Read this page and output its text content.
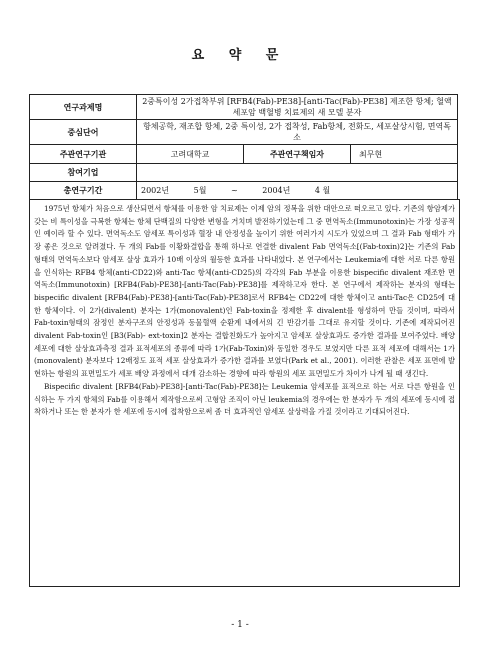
요 약 문
연구과제명	2중특이성 2가접착부위 [RFB4(Fab)-PE38]-[anti-Tac(Fab)-PE38] 제조한 항체; 혈액세포암 백혈병 치료제의 새 모델 분자		
중심단어	항체공학, 재조합 항체, 2중 특이성, 2가 접착성, Fab항체, 전화도, 세포살상시험, 면역독소		
주관연구기관	고려대학교	주관연구책임자	최무현
참여기업			
총연구기간	2002년 5월 ~ 2004년 4 월		

1975년 항체가 처음으로 생산되면서 항체를 이용한 암 치료제는 이제 암의 정복을 위한 대안으로 떠오르고 있다. 기존의 항암제가 갖는 비 특이성을 극복한 항체는 항체 단백질의 다양한 변형을 거치며 발전하기었는데 그 중 면역독소(Immunotoxin)는 가장 성공적인 예이라 할 수 있다. 면역독소도 암세포 특이성과 혈장 내 안정성을 높이기 위한 여러가지 시도가 있었으며 그 결과 Fab 형태가 가장 좋은 것으로 알려졌다. 두 개의 Fab를 이황화결합을 통해 하나로 연결한 divalent Fab 면역독소[(Fab-toxin)2]는 기존의 Fab 형태의 면역독소보다 암세포 살상 효과가 10배 이상의 월등한 효과를 나타내었다. 본 연구에서는 Leukemia에 대한 서로 다른 항원을 인식하는 RFB4 항체(anti-CD22)와 anti-Tac 항체(anti-CD25)의 각각의 Fab 부분을 이용한 bispecific divalent 재조한 면역독소(Immunotoxin) [RFB4(Fab)-PE38]-[anti-Tac(Fab)-PE38]를 제작하고자 한다. 본 연구에서 제작하는 분자의 형태는 bispecific divalent [RFB4(Fab)-PE38]-[anti-Tac(Fab)-PE38]로서 RFB4는 CD22에 대한 항체이고 anti-Tac은 CD25에 대한 항체이다. 이 2가(divalent) 분자는 1가(monovalent)인 Fab-toxin을 정제한 후 divalent를 형성하여 만들 것이며, 따라서 Fab-toxin형태의 잠정인 분자구조의 안정성과 동물혈액 순환계 내에서의 긴 반감기를 그대로 유지할 것이다. 기존에 제작되어진 divalent Fab-toxin인 [B3(Fab)- ext-toxin]2 분자는 결합친화도가 높아지고 암세포 살상효과도 증가한 결과를 보여주었다. 배양 세포에 대한 살상효과측정 결과 표적세포의 종류에 따라 1가(Fab-Toxin)와 동일한 경우도 보였지만 다른 표적 세포에 대해서는 1가(monovalent) 분자보다 12배정도 표적 세포 살상효과가 증가한 결과를 보였다(Park et al., 2001). 이러한 관찰은 세포 표면에 발현하는 항원의 표면밀도가 세포 배양 과정에서 대개 감소하는 경향에 따라 항원의 세포 표면밀도가 차이가 나게 될 때 생긴다.

Bispecific divalent [RFB4(Fab)-PE38]-[anti-Tac(Fab)-PE38]는 Leukemia 암세포를 표적으로 하는 서로 다른 항원을 인식하는 두 가지 항체의 Fab를 이용해서 제작함으로써 고형암 조직이 아닌 leukemia의 경우에는 한 분자가 두 개의 세포에 동시에 접착하거나 또는 한 분자가 한 세포에 동시에 접착함으로써 좀 더 효과적인 암세포 살상력을 가질 것이라고 기대되어진다.

- 1 -
